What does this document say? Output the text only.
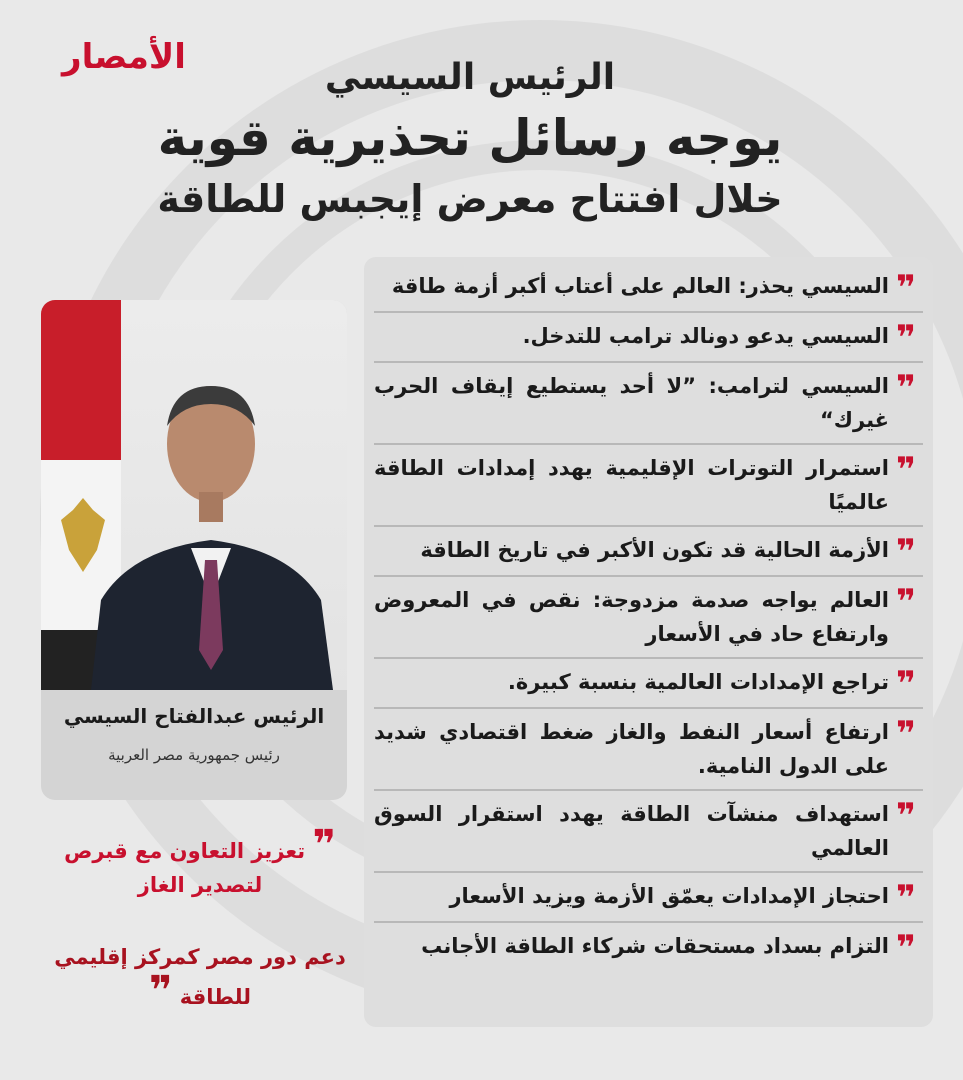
الأمصار	الرئيس السيسي
يوجه رسائل تحذيرية قوية
خلال افتتاح معرض إيجبس للطاقة
❞
السيسي يحذر: العالم على أعتاب أكبر أزمة طاقة
❞
السيسي يدعو دونالد ترامب للتدخل.
❞
السيسي لترامب: ”لا أحد يستطيع إيقاف الحرب غيرك“
❞
استمرار التوترات الإقليمية يهدد إمدادات الطاقة عالميًا
❞
الأزمة الحالية قد تكون الأكبر في تاريخ الطاقة
❞
العالم يواجه صدمة مزدوجة: نقص في المعروض وارتفاع حاد في الأسعار
❞
تراجع الإمدادات العالمية بنسبة كبيرة.
❞
ارتفاع أسعار النفط والغاز ضغط اقتصادي شديد على الدول النامية.
❞
استهداف منشآت الطاقة يهدد استقرار السوق العالمي
❞
احتجاز الإمدادات يعمّق الأزمة ويزيد الأسعار
❞
التزام بسداد مستحقات شركاء الطاقة الأجانب
الرئيس عبدالفتاح السيسي
رئيس جمهورية مصر العربية
❞ تعزيز التعاون مع قبرص لتصدير الغاز
دعم دور مصر كمركز إقليمي للطاقة ❞
